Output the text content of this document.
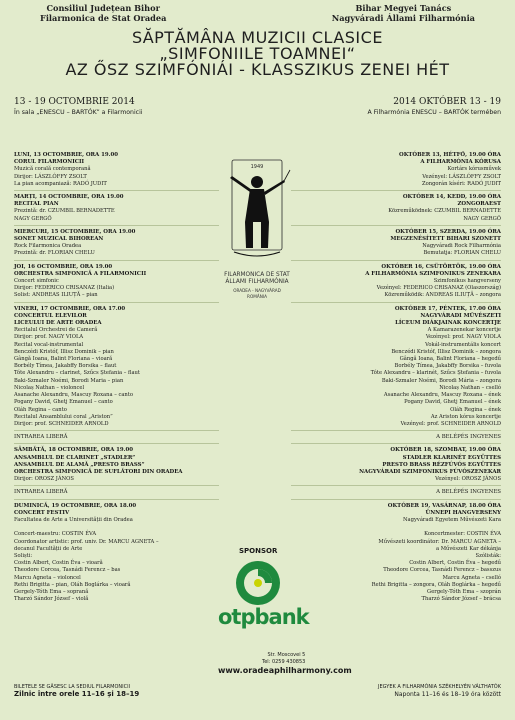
Consiliul Județean Bihor
Filarmonica de Stat Oradea
Bihar Megyei Tanács
Nagyváradi Állami Filharmónia
SĂPTĂMÂNA MUZICII CLASICE
„SIMFONIILE TOAMNEI“
AZ ŐSZ SZIMFÓNIÁI - KLASSZIKUS ZENEI HÉT
13 - 19 OCTOMBRIE 2014
În sala „ENESCU – BARTÓK” a Filarmonicii
2014 OKTÓBER 13 - 19
A Filharmónia ENESCU – BARTÓK termében
LUNI, 13 OCTOMBRIE, ORA 19.00
CORUL FILARMONICII
Muzică corală contemporană
Dirijor: LÁSZLÓFFY ZSOLT
La pian acompaniază: RADÓ JUDIT
MARȚI, 14 OCTOMBRIE, ORA 19.00
RECITAL PIAN
Prezintă: dr. CZUMBIL BERNADETTE
NAGY GERGŐ
MIERCURI, 15 OCTOMBRIE, ORA 19.00
SONET MUZICAL BIHOREAN
Rock Filarmonica Oradea
Prezintă: dr. FLORIAN CHELU
JOI, 16 OCTOMBRIE, ORA 19.00
ORCHESTRA SIMFONICĂ A FILARMONICII
Concert simfonic
Dirijor: FEDERICO CRISANAZ (Italia)
Solist: ANDREAS ILIUȚĂ – pian
VINERI, 17 OCTOMBRIE, ORA 17.00
CONCERTUL ELEVILOR
LICEULUI DE ARTE ORADEA
Recitalul Orchestrei de Cameră
Dirijor: prof. NAGY VIOLA
Recital vocal-instrumental
Benczédi Kristóf, Illisz Dominik – pian
Gângă Ioana, Balint Floriana – vioară
Borbély Tímea, Jakabffy Borsika – flaut
Tóte Alexandru – clarinet, Szűcs Ștefania – flaut
Baki-Szmaler Noémi, Borodi Maria – pian
Nicolaș Nathan – violoncel
Asanache Alexandru, Mascuy Roxana – canto
Pogany David, Ghetj Emanuel – canto
Oláh Regina – canto
Recitalul Ansamblului coral „Ariston”
Dirijor: prof. SCHNEIDER ARNOLD
INTRAREA LIBERĂ
SÂMBĂTĂ, 18 OCTOMBRIE, ORA 19.00
ANSAMBLUL DE CLARINET „STADLER”
ANSAMBLUL DE ALAMĂ „PRESTO BRASS”
ORCHESTRA SIMFONICĂ DE SUFLĂTORI DIN ORADEA
Dirijor: OROSZ JÁNOS
INTRAREA LIBERĂ
DUMINICĂ, 19 OCTOMBRIE, ORA 18.00
CONCERT FESTIV
Facultatea de Arte a Universității din Oradea

Concert-maestru: COSTIN ÉVA
Coordonator artistic: prof. univ. Dr. MARCU AGNETA –
decanul Facultății de Arte
Soliști:
Costin Albert, Costin Éva – vioară
Theodore Corcea, Tasnádi Ferencz – bas
Marcu Agneta – violoncel
Rethi Brigitta – pian, Oláh Boglárka – vioară
Gergely-Tóth Ema – soprană
Tharzó Sándor József – violă
OKTÓBER 13, HÉTFŐ, 19.00 ÓRA
A FILHARMÓNIA KÓRUSA
Kortárs kórusművek
Vezényel: LÁSZLÓFFY ZSOLT
Zongorán kíséri: RADÓ JUDIT
OKTÓBER 14, KEDD, 19.00 ÓRA
ZONGORAEST
Közreműködnek: CZUMBIL BERNADETTE
NAGY GERGŐ
OKTÓBER 15, SZERDA, 19.00 ÓRA
MEGZENÉSÍTETT BIHARI SZONETT
Nagyváradi Rock Filharmónia
Bemutatja: FLORIAN CHELU
OKTÓBER 16, CSÜTÖRTÖK, 19.00 ÓRA
A FILHARMÓNIA SZIMFONIKUS ZENEKARA
Szimfonikus hangverseny
Vezényel: FEDERICO CRISANAZ (Olaszország)
Közreműködik: ANDREAS ILIUȚĂ – zongora
OKTÓBER 17, PÉNTEK, 17.00 ÓRA
NAGYVÁRADI MŰVÉSZETI
LÍCEUM DIÁKJAINAK KONCERTJE
A Kamarazenekar koncertje
Vezényel: prof. NAGY VIOLA
Vokál-instrumentális koncert
Benczédi Kristóf, Illisz Dominik – zongora
Gângă Ioana, Balint Floriana – hegedű
Borbély Tímea, Jakabffy Borsika – fuvola
Tóte Alexandru – klarinét, Szűcs Ștefania – fuvola
Baki-Szmaler Noémi, Borodi Mária – zongora
Nicolaș Nathan – cselló
Asanache Alexandru, Mascuy Roxana – ének
Pogany David, Ghetj Emanuel – ének
Oláh Regina – ének
Az Ariston kórus koncertje
Vezényel: prof. SCHNEIDER ARNOLD
A BELÉPÉS INGYENES
OKTÓBER 18, SZOMBAT, 19.00 ÓRA
STADLER KLARINÉT EGYÜTTES
PRESTO BRASS RÉZFÚVÓS EGYÜTTES
NAGYVÁRADI SZIMFONIKUS FÚVÓSZENEKAR
Vezényel: OROSZ JÁNOS
A BELÉPÉS INGYENES
OKTÓBER 19, VASÁRNAP, 18.00 ÓRA
ÜNNEPI HANGVERSENY
Nagyváradi Egyetem Művészeti Kara

Koncertmester: COSTIN ÉVA
Művészeti koordinátor: Dr. MARCU AGNETA –
a Művészeti Kar dékánja
Szólisták:
Costin Albert, Costin Éva – hegedű
Theodore Corcea, Tasnádi Ferencz – basszus
Marcu Agneta – cselló
Rethi Brigitta – zongora, Oláh Boglárka – hegedű
Gergely-Tóth Ema – szoprán
Tharzó Sándor József – brácsa
1949
FILARMONICA DE STAT
ÁLLAMI FILHARMÓNIA
ORADEA - NAGYVÁRAD
ROMÂNIA
SPONSOR
otpbank
Str. Moscovei 5
Tel: 0259 430853
www.oradeaphilharmony.com
BILETELE SE GĂSESC LA SEDIUL FILARMONICII
Zilnic între orele 11–16 și 18–19
JEGYEK A FILHARMÓNIA SZÉKHELYÉN VÁLTHATÓK
Naponta 11–16 és 18–19 óra között
